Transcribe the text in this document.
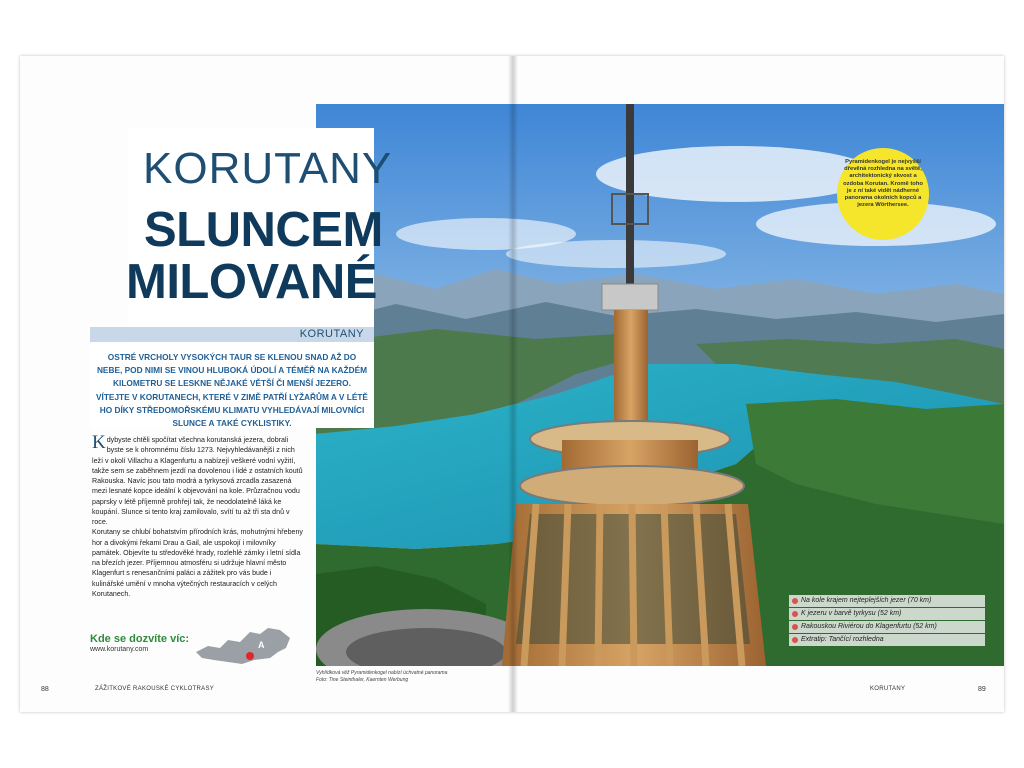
KORUTANY
SLUNCEM
MILOVANÉ
KORUTANY
OSTRÉ VRCHOLY VYSOKÝCH TAUR SE KLENOU SNAD AŽ DO NEBE, POD NIMI SE VINOU HLUBOKÁ ÚDOLÍ A TÉMĚŘ NA KAŽDÉM KILOMETRU SE LESKNE NĚJAKÉ VĚTŠÍ ČI MENŠÍ JEZERO. VÍTEJTE V KORUTANECH, KTERÉ V ZIMĚ PATŘÍ LYŽAŘŮM A V LÉTĚ HO DÍKY STŘEDOMOŘSKÉMU KLIMATU VYHLEDÁVAJÍ MILOVNÍCI SLUNCE A TAKÉ CYKLISTIKY.
Kdybyste chtěli spočítat všechna korutanská jezera, dobrali byste se k ohromnému číslu 1273. Nejvyhledávanější z nich leží v okolí Villachu a Klagenfurtu a nabízejí veškeré vodní vyžití, takže sem se zaběhnem jezdí na dovolenou i lidé z ostatních koutů Rakouska. Navíc jsou tato modrá a tyrkysová zrcadla zasazená mezi lesnaté kopce ideální k objevování na kole. Průzračnou vodu paprsky v létě příjemně prohřejí tak, že neodolatelně láká ke koupání. Slunce si tento kraj zamilovalo, svítí tu až tři sta dnů v roce.
Korutany se chlubí bohatstvím přírodních krás, mohutnými hřebeny hor a divokými řekami Drau a Gail, ale uspokojí i milovníky památek. Objevíte tu středověké hrady, rozlehlé zámky i letní sídla na březích jezer. Příjemnou atmosféru si udržuje hlavní město Klagenfurt s renesančními paláci a zážitek pro vás bude i kulinářské umění v mnoha výtečných restauracích v celých Korutanech.
Kde se dozvíte víc:
www.korutany.com	A
Vyhlídková věž Pyramidenkogel nabízí úchvatné panorama
Foto: Tine Steinthaler, Kaernten Werbung
Pyramidenkogel je nejvyšší dřevěná rozhledna na světě, architektonický skvost a ozdoba Korutan. Kromě toho je z ní také vidět nádherné panorama okolních kopců a jezera Wörthersee.
Na kole krajem nejteplejších jezer (70 km)
K jezeru v barvě tyrkysu (52 km)
Rakouskou Riviérou do Klagenfurtu (52 km)
Extratip: Tančící rozhledna
88	ZÁŽITKOVÉ RAKOUSKÉ CYKLOTRASY	KORUTANY	89
